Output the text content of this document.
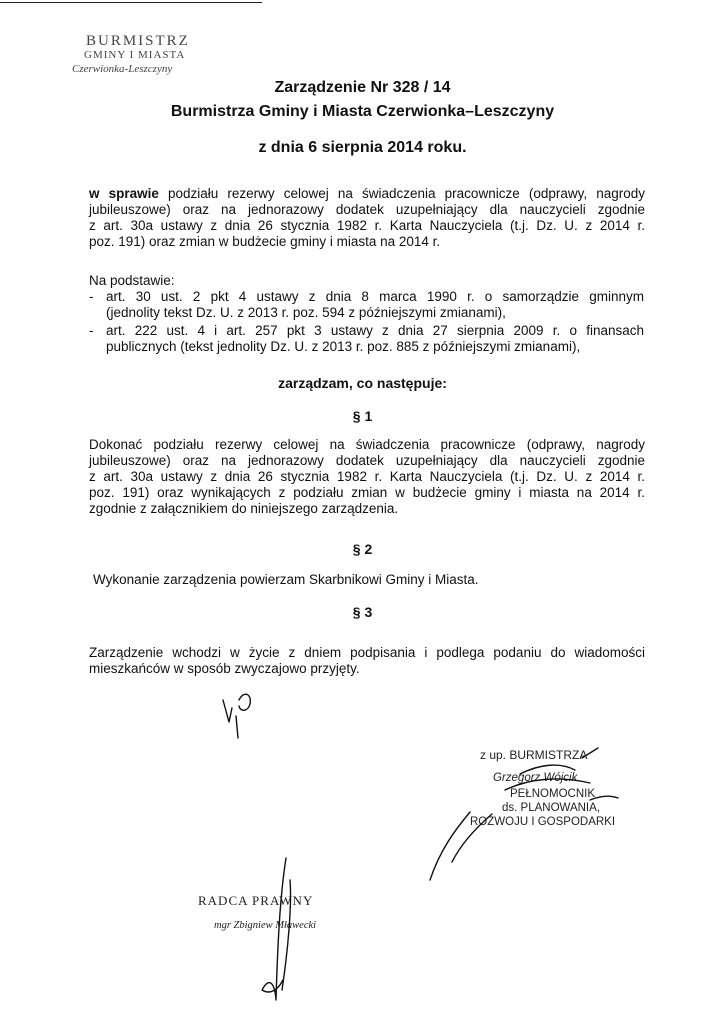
BURMISTRZ
GMINY I MIASTA
Czerwionka-Leszczyny
Zarządzenie Nr 328 / 14
Burmistrza Gminy i Miasta Czerwionka–Leszczyny
z dnia 6 sierpnia 2014 roku.
w sprawie podziału rezerwy celowej na świadczenia pracownicze (odprawy, nagrody
jubileuszowe) oraz na jednorazowy dodatek uzupełniający dla nauczycieli zgodnie
z art. 30a ustawy z dnia 26 stycznia 1982 r. Karta Nauczyciela (t.j. Dz. U. z 2014 r.
poz. 191) oraz zmian w budżecie gminy i miasta na 2014 r.
Na podstawie:
- art. 30 ust. 2 pkt 4 ustawy z dnia 8 marca 1990 r. o samorządzie gminnym
(jednolity tekst Dz. U. z 2013 r. poz. 594 z późniejszymi zmianami),
- art. 222 ust. 4 i art. 257 pkt 3 ustawy z dnia 27 sierpnia 2009 r. o finansach
publicznych (tekst jednolity Dz. U. z 2013 r. poz. 885 z późniejszymi zmianami),
zarządzam, co następuje:
§ 1
Dokonać podziału rezerwy celowej na świadczenia pracownicze (odprawy, nagrody
jubileuszowe) oraz na jednorazowy dodatek uzupełniający dla nauczycieli zgodnie
z art. 30a ustawy z dnia 26 stycznia 1982 r. Karta Nauczyciela (t.j. Dz. U. z 2014 r.
poz. 191) oraz wynikających z podziału zmian w budżecie gminy i miasta na 2014 r.
zgodnie z załącznikiem do niniejszego zarządzenia.
§ 2
Wykonanie zarządzenia powierzam Skarbnikowi Gminy i Miasta.
§ 3
Zarządzenie wchodzi w życie z dniem podpisania i podlega podaniu do wiadomości
mieszkańców w sposób zwyczajowo przyjęty.
z up. BURMISTRZA
Grzegorz Wójcik
PEŁNOMOCNIK
ds. PLANOWANIA,
ROZWOJU I GOSPODARKI
RADCA PRAWNY
mgr Zbigniew Mławecki
